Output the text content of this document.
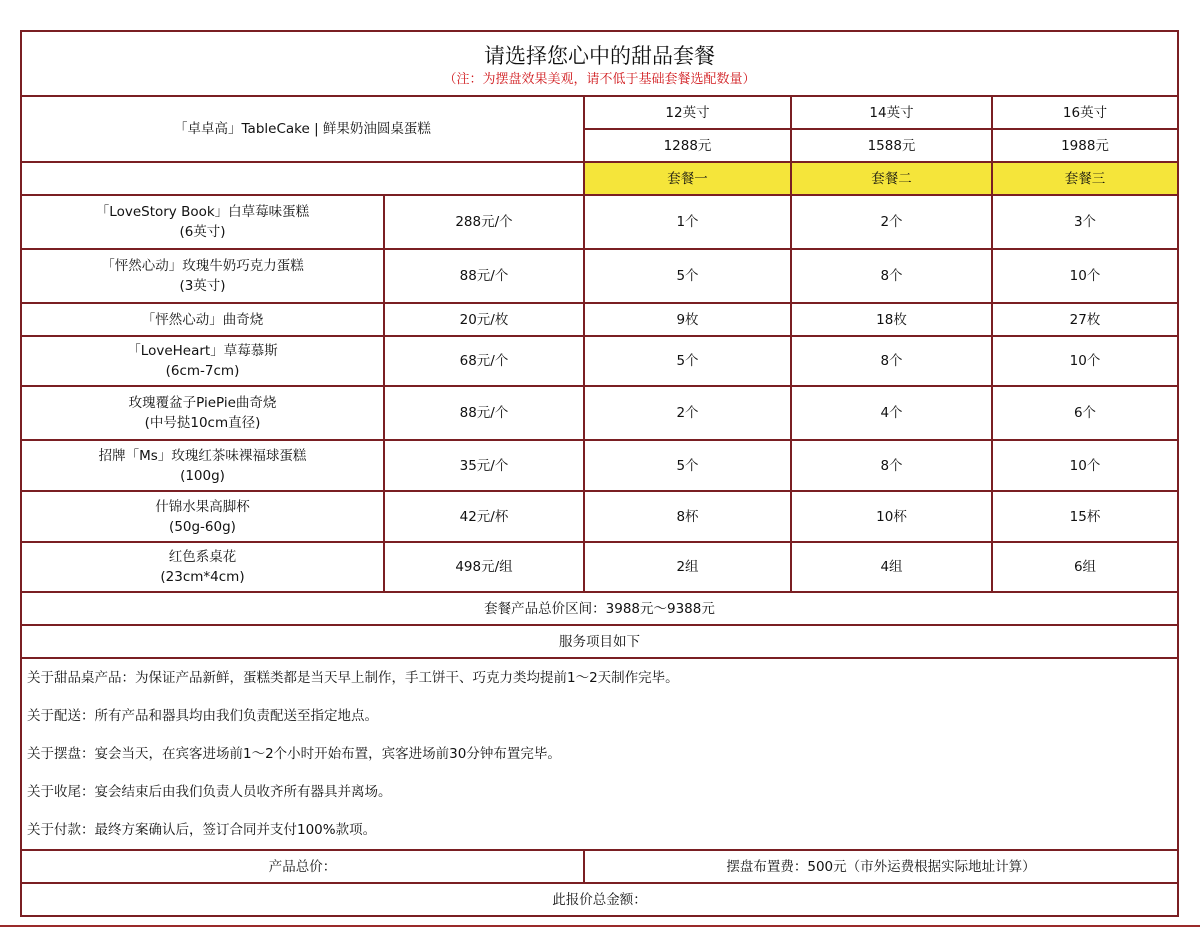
请选择您心中的甜品套餐
（注：为摆盘效果美观，请不低于基础套餐选配数量）				

「卓卓高」TableCake | 鲜果奶油圆桌蛋糕		12英寸	14英寸	16英寸
		1288元	1588元	1988元
		套餐一	套餐二	套餐三

「LoveStory Book」白草莓味蛋糕
(6英寸)	288元/个	1个	2个	3个

「怦然心动」玫瑰牛奶巧克力蛋糕
(3英寸)	88元/个	5个	8个	10个

「怦然心动」曲奇烧	20元/枚	9枚	18枚	27枚

「LoveHeart」草莓慕斯
(6cm-7cm)	68元/个	5个	8个	10个

玫瑰覆盆子PiePie曲奇烧
(中号挞10cm直径)	88元/个	2个	4个	6个

招牌「Ms」玫瑰红茶味裸福球蛋糕
(100g)	35元/个	5个	8个	10个

什锦水果高脚杯
(50g-60g)	42元/杯	8杯	10杯	15杯

红色系桌花
(23cm*4cm)	498元/组	2组	4组	6组
套餐产品总价区间：3988元～9388元				
服务项目如下				

关于甜品桌产品：为保证产品新鲜，蛋糕类都是当天早上制作，手工饼干、巧克力类均提前1～2天制作完毕。
关于配送：所有产品和器具均由我们负责配送至指定地点。
关于摆盘：宴会当天，在宾客进场前1～2个小时开始布置，宾客进场前30分钟布置完毕。
关于收尾：宴会结束后由我们负责人员收齐所有器具并离场。
关于付款：最终方案确认后，签订合同并支付100%款项。				

产品总价：		摆盘布置费：500元（市外运费根据实际地址计算）		
此报价总金额：				
